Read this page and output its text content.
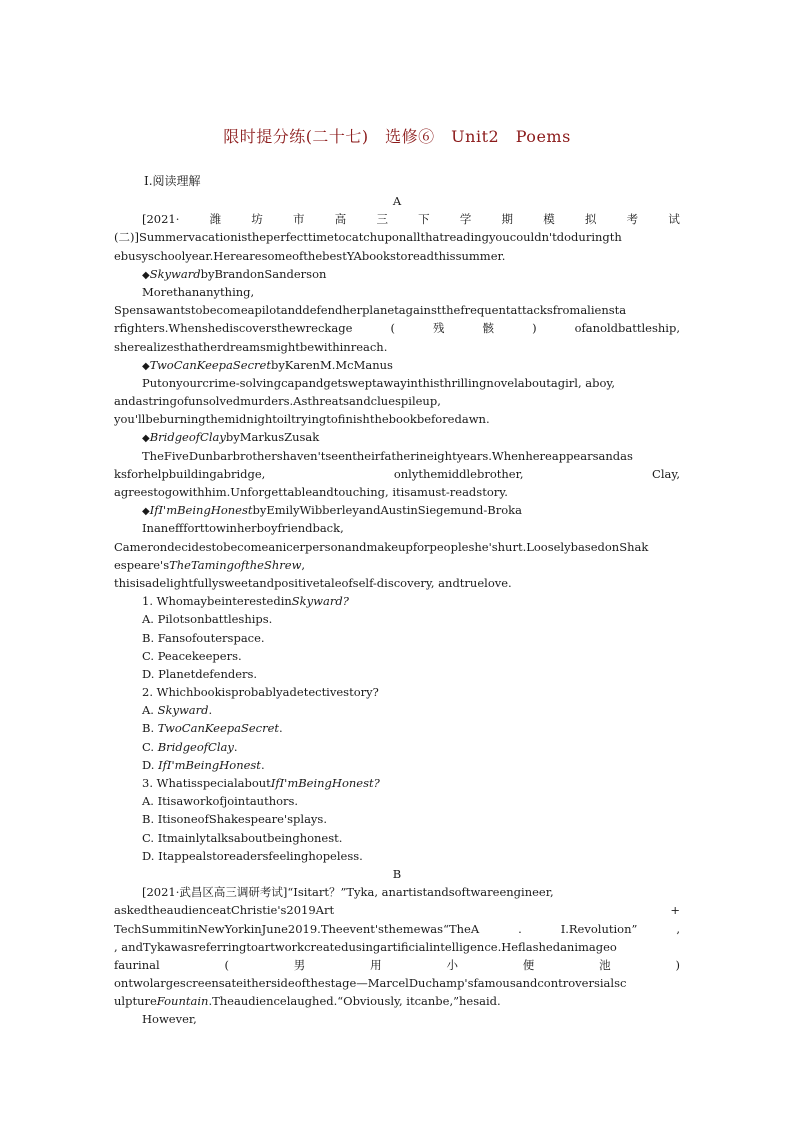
限时提分练(二十七)　选修⑥　Unit2　Poems
Ⅰ.阅读理解
A
[2021·	潍	坊	市	高	三	下	学	期	模	拟	考	试
(二)]Summervacationistheperfecttimetocatchuponallthatreadingyoucouldn'tdoduringth
ebusyschoolyear.HerearesomeofthebestYAbookstoreadthissummer.
◆SkywardbyBrandonSanderson
Morethananything,
Spensawantstobecomeapilotanddefendherplanetagainstthefrequentattacksfromaliensta
rfighters.Whenshediscoversthewreckage	(	残	骸	)	ofanoldbattleship,
sherealizesthatherdreamsmightbewithinreach.
◆TwoCanKeepaSecretbyKarenM.McManus
Putonyourcrime-solvingcapandgetsweptawayinthisthrillingnovelaboutagirl, aboy,
andastringofunsolvedmurders.Asthreatsandcluespileup,
you'llbeburningthemidnightoiltryingtofinishthebookbeforedawn.
◆BridgeofClaybyMarkusZusak
TheFiveDunbarbrothershaven'tseentheirfatherineightyears.Whenhereappearsandas
ksforhelpbuildingabridge,	onlythemiddlebrother,	Clay,
agreestogowithhim.Unforgettableandtouching, itisamust-readstory.
◆IfI'mBeingHonestbyEmilyWibberleyandAustinSiegemund-Broka
Inaneffforttowinherboyfriendback,
Camerondecidestobecomeanicerpersonandmakeupforpeopleshe'shurt.LooselybasedonShak
espeare'sTheTamingoftheShrew,
thisisadelightfullysweetandpositivetaleofself-discovery, andtruelove.
1. WhomaybeinterestedinSkyward?
A. Pilotsonbattleships.
B. Fansofouterspace.
C. Peacekeepers.
D. Planetdefenders.
2. Whichbookisprobablyadetectivestory?
A. Skyward.
B. TwoCanKeepaSecret.
C. BridgeofClay.
D. IfI'mBeingHonest.
3. WhatisspecialaboutIfI'mBeingHonest?
A. Itisaworkofjointauthors.
B. ItisoneofShakespeare'splays.
C. Itmainlytalksaboutbeinghonest.
D. Itappealstoreadersfeelinghopeless.
B
[2021·武昌区高三调研考试]“Isitart？”Tyka, anartistandsoftwareengineer,
askedtheaudienceatChristie's2019Art	+
TechSummitinNewYorkinJune2019.Theevent'sthemewas“TheA	.	I.Revolution”	,
, andTykawasreferringtoartworkcreatedusingartificialintelligence.Heflashedanimageo
faurinal	(	男	用	小	便	池	)
ontwolargescreensateithersideofthestage—MarcelDuchamp'sfamousandcontroversialsc
ulptureFountain.Theaudiencelaughed.“Obviously, itcanbe,”hesaid.
However,
